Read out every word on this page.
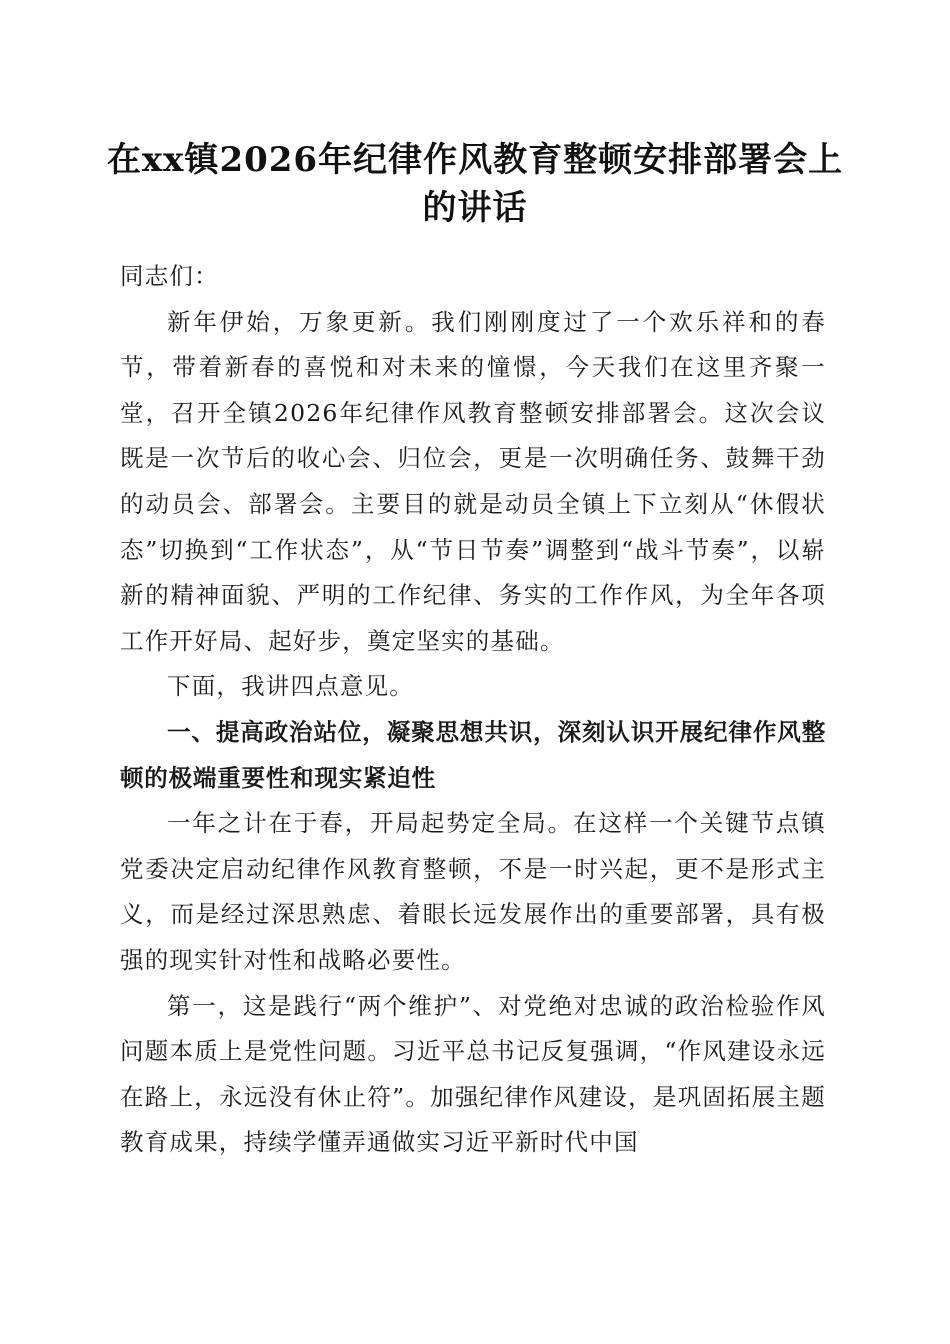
在xx镇2026年纪律作风教育整顿安排部署会上的讲话

同志们：

新年伊始，万象更新。我们刚刚度过了一个欢乐祥和的春节，带着新春的喜悦和对未来的憧憬，今天我们在这里齐聚一堂，召开全镇2026年纪律作风教育整顿安排部署会。这次会议既是一次节后的收心会、归位会，更是一次明确任务、鼓舞干劲的动员会、部署会。主要目的就是动员全镇上下立刻从“休假状态”切换到“工作状态”，从“节日节奏”调整到“战斗节奏”，以崭新的精神面貌、严明的工作纪律、务实的工作作风，为全年各项工作开好局、起好步，奠定坚实的基础。

下面，我讲四点意见。

一、提高政治站位，凝聚思想共识，深刻认识开展纪律作风整顿的极端重要性和现实紧迫性

一年之计在于春，开局起势定全局。在这样一个关键节点镇党委决定启动纪律作风教育整顿，不是一时兴起，更不是形式主义，而是经过深思熟虑、着眼长远发展作出的重要部署，具有极强的现实针对性和战略必要性。

第一，这是践行“两个维护”、对党绝对忠诚的政治检验作风问题本质上是党性问题。习近平总书记反复强调，“作风建设永远在路上，永远没有休止符”。加强纪律作风建设，是巩固拓展主题教育成果，持续学懂弄通做实习近平新时代中国
